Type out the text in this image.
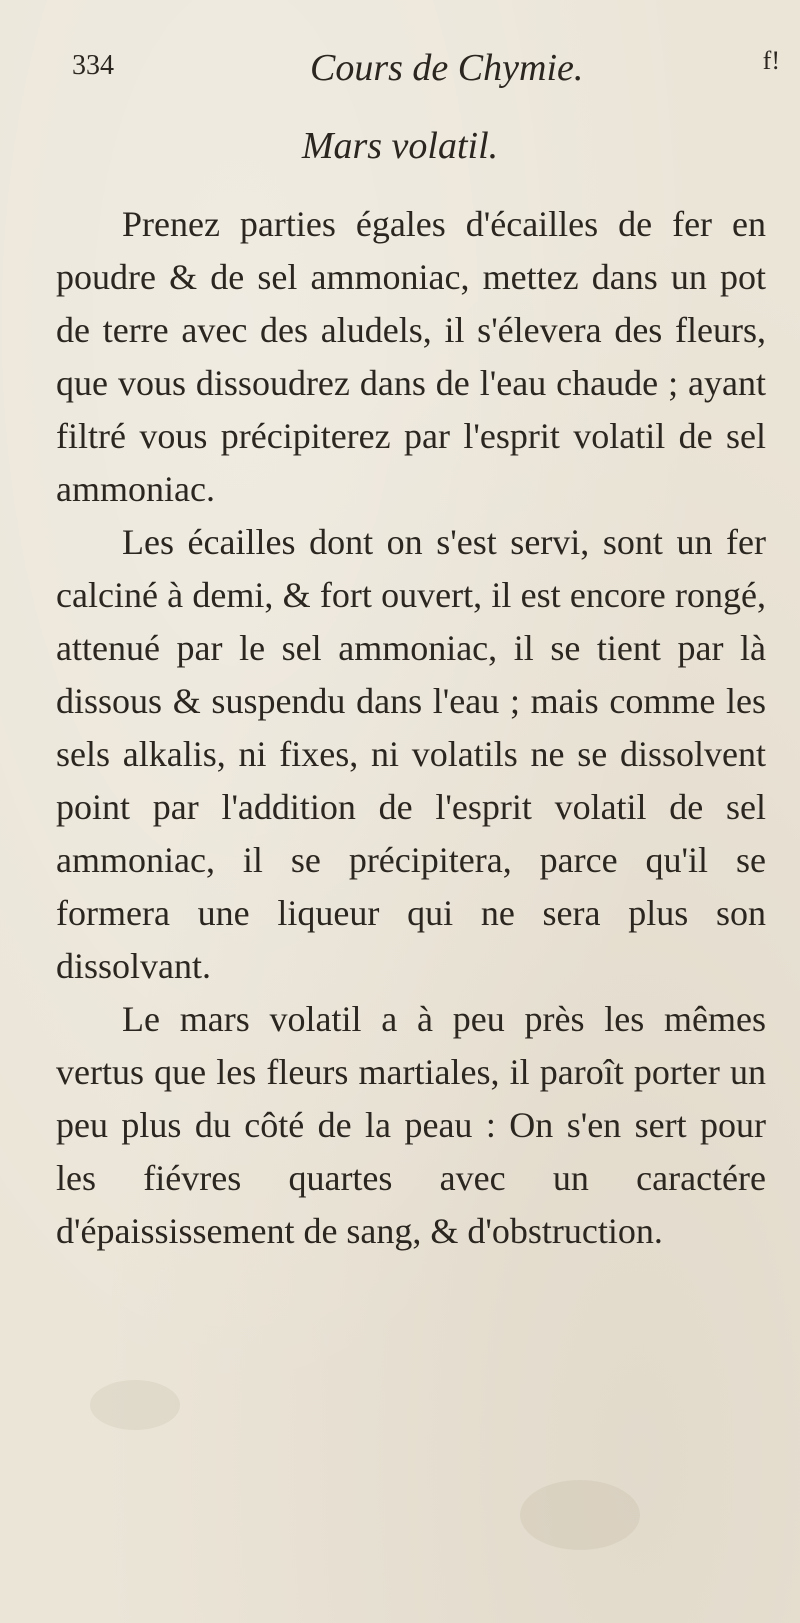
334	Cours de Chymie.	f!
Mars volatil.

Prenez parties égales d'écailles de fer en poudre & de sel ammoniac, mettez dans un pot de terre avec des aludels, il s'élevera des fleurs, que vous dissoudrez dans de l'eau chaude ; ayant filtré vous précipiterez par l'esprit volatil de sel ammoniac.

Les écailles dont on s'est servi, sont un fer calciné à demi, & fort ouvert, il est encore rongé, attenué par le sel ammoniac, il se tient par là dissous & suspendu dans l'eau ; mais comme les sels alkalis, ni fixes, ni volatils ne se dissolvent point par l'addition de l'esprit volatil de sel ammoniac, il se précipitera, parce qu'il se formera une liqueur qui ne sera plus son dissolvant.

Le mars volatil a à peu près les mêmes vertus que les fleurs martiales, il paroît porter un peu plus du côté de la peau : On s'en sert pour les fiévres quartes avec un caractére d'épaississement de sang, & d'obstruction.
